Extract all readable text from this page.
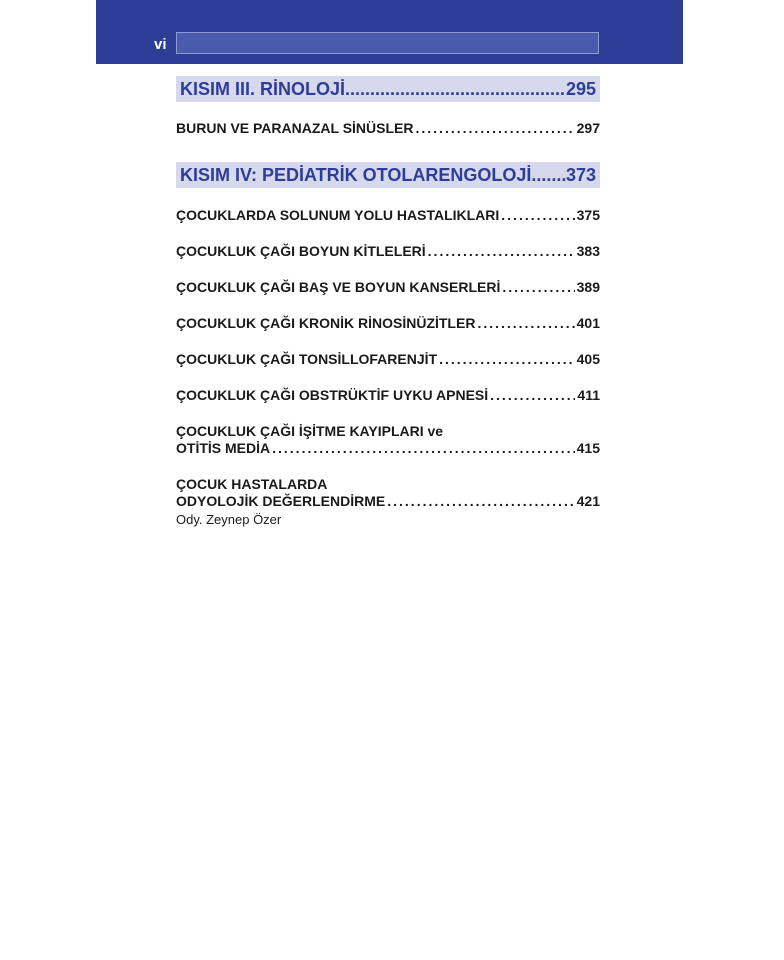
vi
KISIM III. RİNOLOJİ .....	295
BURUN VE PARANAZAL SİNÜSLER .....	297
KISIM IV: PEDİATRİK OTOLARENGOLOJİ ..... 373
ÇOCUKLARDA SOLUNUM YOLU HASTALIKLARI .....	375
ÇOCUKLUK ÇAĞI BOYUN KİTLELERİ .....	383
ÇOCUKLUK ÇAĞI BAŞ VE BOYUN KANSERLERİ .....	389
ÇOCUKLUK ÇAĞI KRONİK RİNOSİNÜZİTLER .....	401
ÇOCUKLUK ÇAĞI TONSİLLOFARENJİT .....	405
ÇOCUKLUK ÇAĞI OBSTRÜKTİF UYKU APNESİ .....	411
ÇOCUKLUK ÇAĞI İŞİTME KAYIPLARI ve
OTİTİS MEDİA .....	415
ÇOCUK HASTALARDA
ODYOLOJİK DEĞERLENDİRME .....	421
Ody. Zeynep Özer
